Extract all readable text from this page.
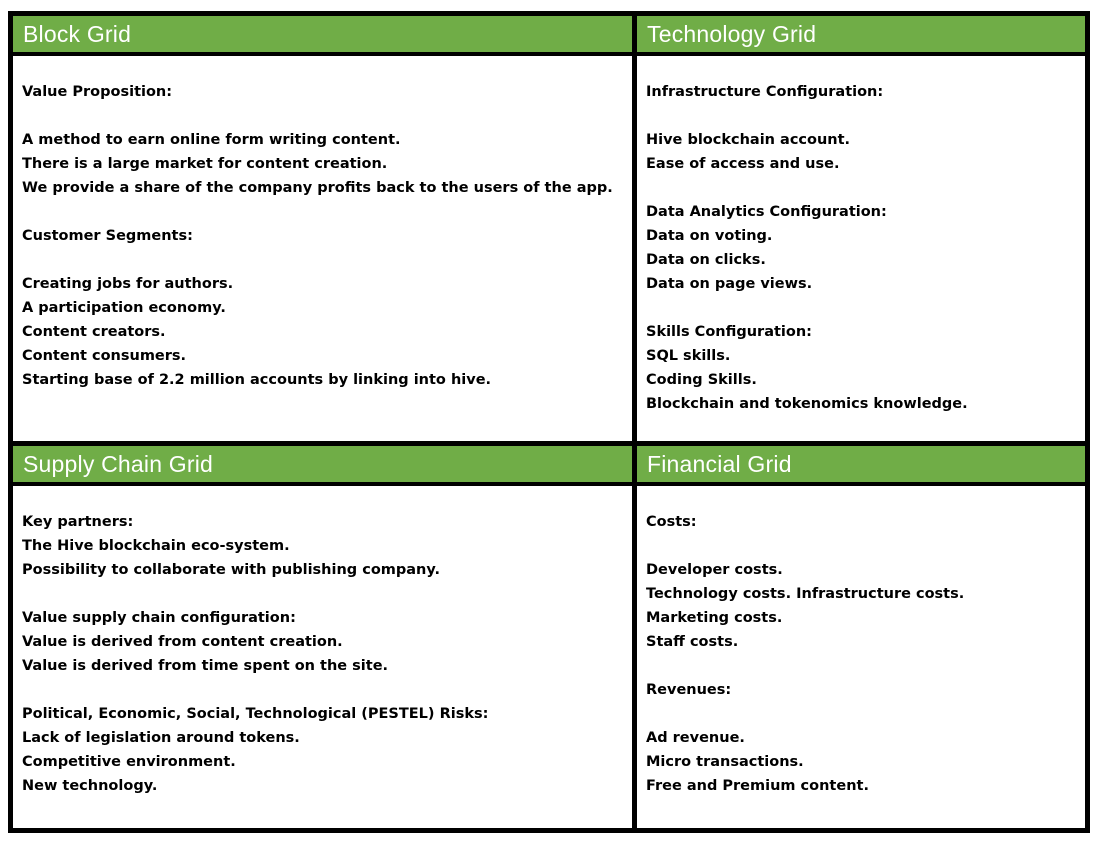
Block Grid
Value Proposition:
A method to earn online form writing content.
There is a large market for content creation.
We provide a share of the company profits back to the users of the app.
Customer Segments:
Creating jobs for authors.
A participation economy.
Content creators.
Content consumers.
Starting base of 2.2 million accounts by linking into hive.
Technology Grid
Infrastructure Configuration:
Hive blockchain account.
Ease of access and use.
Data Analytics Configuration:
Data on voting.
Data on clicks.
Data on page views.
Skills Configuration:
SQL skills.
Coding Skills.
Blockchain and tokenomics knowledge.
Supply Chain Grid
Key partners:
The Hive blockchain eco-system.
Possibility to collaborate with publishing company.
Value supply chain configuration:
Value is derived from content creation.
Value is derived from time spent on the site.
Political, Economic, Social, Technological (PESTEL) Risks:
Lack of legislation around tokens.
Competitive environment.
New technology.
Financial Grid
Costs:
Developer costs.
Technology costs. Infrastructure costs.
Marketing costs.
Staff costs.
Revenues:
Ad revenue.
Micro transactions.
Free and Premium content.
